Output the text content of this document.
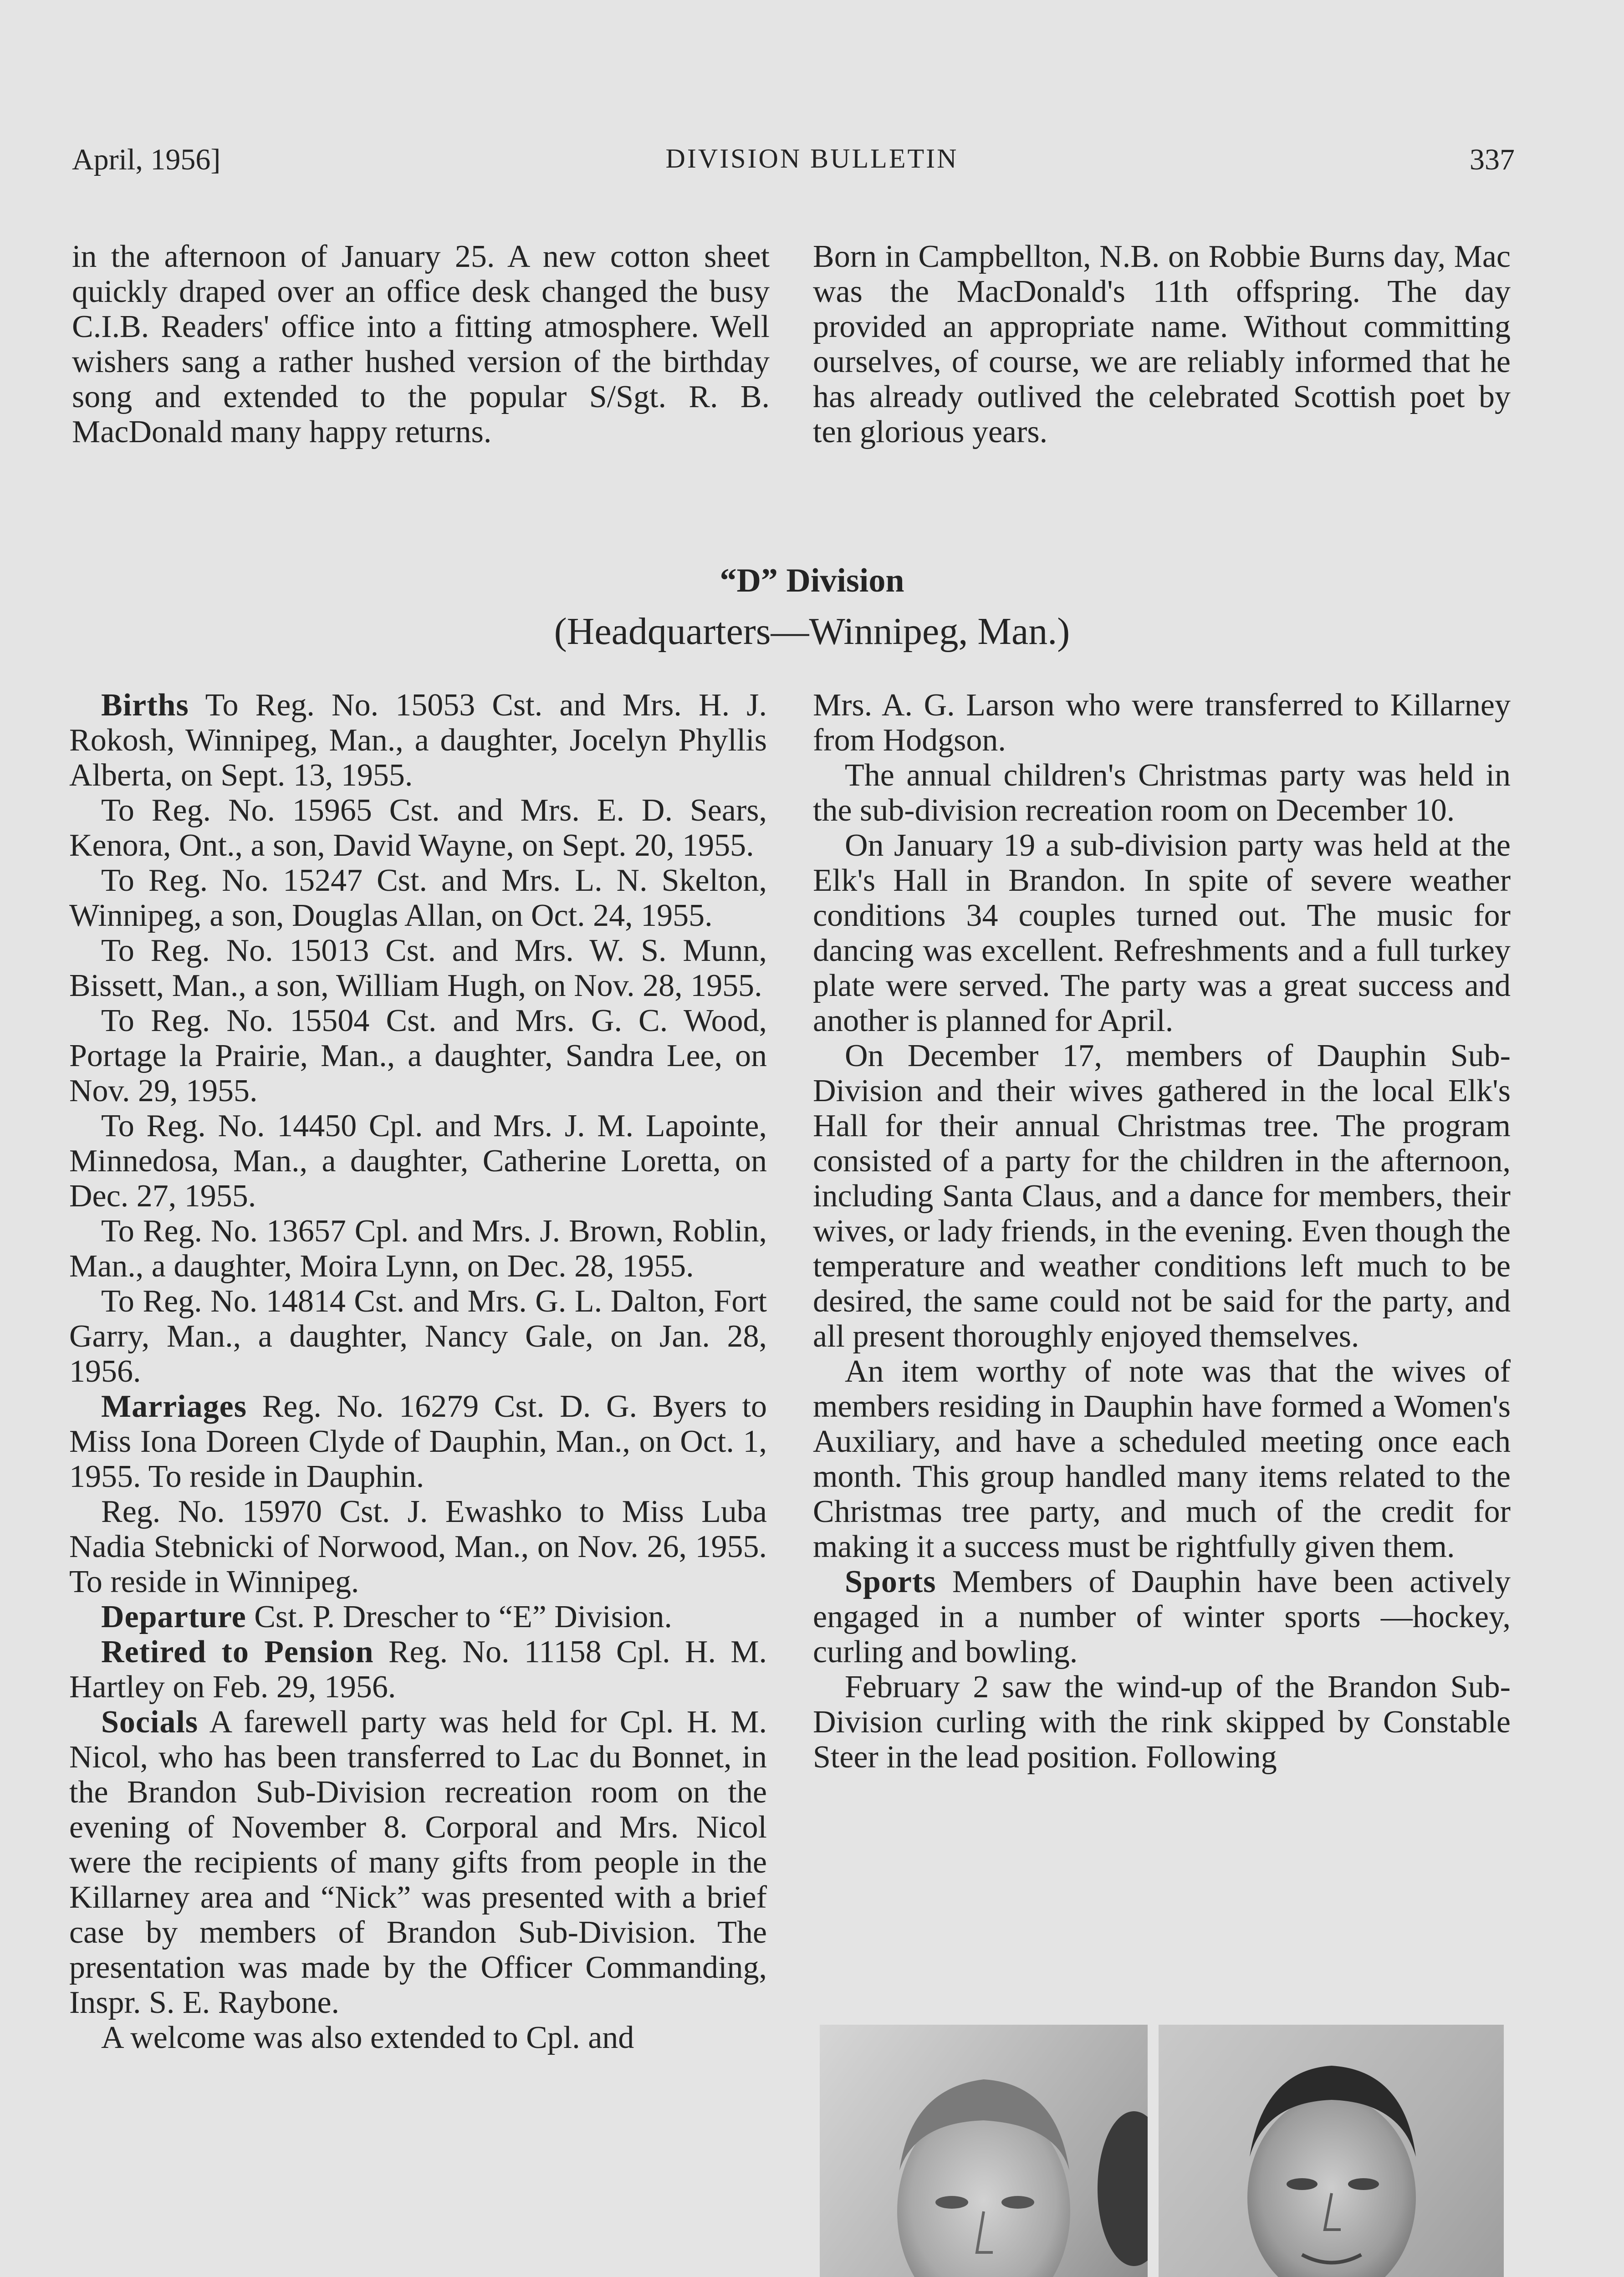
April, 1956]	DIVISION BULLETIN	337

in the afternoon of January 25. A new cotton sheet quickly draped over an office desk changed the busy C.I.B. Readers' office into a fitting atmosphere. Well wishers sang a rather hushed version of the birthday song and extended to the popular S/Sgt. R. B. MacDonald many happy returns.

Born in Campbellton, N.B. on Robbie Burns day, Mac was the MacDonald's 11th offspring. The day provided an appropriate name. Without committing ourselves, of course, we are reliably informed that he has already outlived the celebrated Scottish poet by ten glorious years.

“D” Division
(Headquarters—Winnipeg, Man.)

Births To Reg. No. 15053 Cst. and Mrs. H. J. Rokosh, Winnipeg, Man., a daughter, Jocelyn Phyllis Alberta, on Sept. 13, 1955.

To Reg. No. 15965 Cst. and Mrs. E. D. Sears, Kenora, Ont., a son, David Wayne, on Sept. 20, 1955.

To Reg. No. 15247 Cst. and Mrs. L. N. Skelton, Winnipeg, a son, Douglas Allan, on Oct. 24, 1955.

To Reg. No. 15013 Cst. and Mrs. W. S. Munn, Bissett, Man., a son, William Hugh, on Nov. 28, 1955.

To Reg. No. 15504 Cst. and Mrs. G. C. Wood, Portage la Prairie, Man., a daughter, Sandra Lee, on Nov. 29, 1955.

To Reg. No. 14450 Cpl. and Mrs. J. M. Lapointe, Minnedosa, Man., a daughter, Catherine Loretta, on Dec. 27, 1955.

To Reg. No. 13657 Cpl. and Mrs. J. Brown, Roblin, Man., a daughter, Moira Lynn, on Dec. 28, 1955.

To Reg. No. 14814 Cst. and Mrs. G. L. Dalton, Fort Garry, Man., a daughter, Nancy Gale, on Jan. 28, 1956.

Marriages Reg. No. 16279 Cst. D. G. Byers to Miss Iona Doreen Clyde of Dauphin, Man., on Oct. 1, 1955. To reside in Dauphin.

Reg. No. 15970 Cst. J. Ewashko to Miss Luba Nadia Stebnicki of Norwood, Man., on Nov. 26, 1955. To reside in Winnipeg.

Departure Cst. P. Drescher to “E” Division.

Retired to Pension Reg. No. 11158 Cpl. H. M. Hartley on Feb. 29, 1956.

Socials A farewell party was held for Cpl. H. M. Nicol, who has been transferred to Lac du Bonnet, in the Brandon Sub-Division recreation room on the evening of November 8. Corporal and Mrs. Nicol were the recipients of many gifts from people in the Killarney area and “Nick” was presented with a brief case by members of Brandon Sub-Division. The presentation was made by the Officer Commanding, Inspr. S. E. Raybone.

A welcome was also extended to Cpl. and

Mrs. A. G. Larson who were transferred to Killarney from Hodgson.

The annual children's Christmas party was held in the sub-division recreation room on December 10.

On January 19 a sub-division party was held at the Elk's Hall in Brandon. In spite of severe weather conditions 34 couples turned out. The music for dancing was excellent. Refreshments and a full turkey plate were served. The party was a great success and another is planned for April.

On December 17, members of Dauphin Sub-Division and their wives gathered in the local Elk's Hall for their annual Christmas tree. The program consisted of a party for the children in the afternoon, including Santa Claus, and a dance for members, their wives, or lady friends, in the evening. Even though the temperature and weather conditions left much to be desired, the same could not be said for the party, and all present thoroughly enjoyed themselves.

An item worthy of note was that the wives of members residing in Dauphin have formed a Women's Auxiliary, and have a scheduled meeting once each month. This group handled many items related to the Christmas tree party, and much of the credit for making it a success must be rightfully given them.

Sports Members of Dauphin have been actively engaged in a number of winter sports —hockey, curling and bowling.

February 2 saw the wind-up of the Brandon Sub-Division curling with the rink skipped by Constable Steer in the lead position. Following
